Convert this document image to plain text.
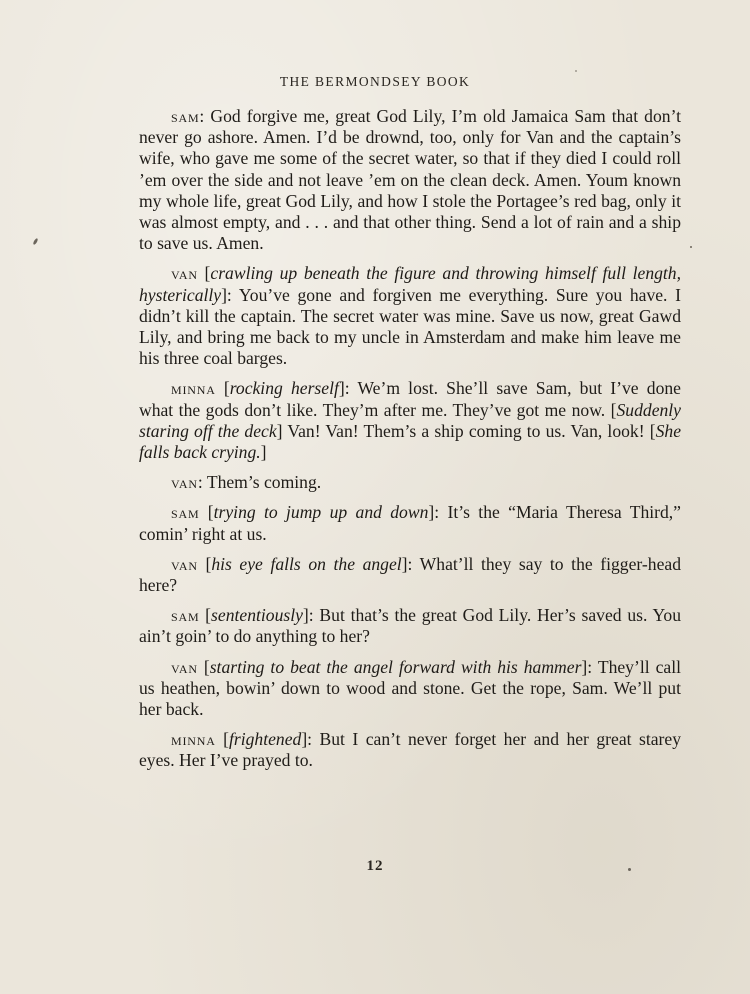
THE BERMONDSEY BOOK

sam: God forgive me, great God Lily, I’m old Jamaica Sam that don’t never go ashore. Amen. I’d be drownd, too, only for Van and the captain’s wife, who gave me some of the secret water, so that if they died I could roll ’em over the side and not leave ’em on the clean deck. Amen. Youm known my whole life, great God Lily, and how I stole the Portagee’s red bag, only it was almost empty, and . . . and that other thing. Send a lot of rain and a ship to save us. Amen.

van [crawling up beneath the figure and throwing himself full length, hysterically]: You’ve gone and forgiven me everything. Sure you have. I didn’t kill the captain. The secret water was mine. Save us now, great Gawd Lily, and bring me back to my uncle in Amsterdam and make him leave me his three coal barges.

minna [rocking herself]: We’m lost. She’ll save Sam, but I’ve done what the gods don’t like. They’m after me. They’ve got me now. [Suddenly staring off the deck] Van! Van! Them’s a ship coming to us. Van, look! [She falls back crying.]

van: Them’s coming.

sam [trying to jump up and down]: It’s the “Maria Theresa Third,” comin’ right at us.

van [his eye falls on the angel]: What’ll they say to the figger-head here?

sam [sententiously]: But that’s the great God Lily. Her’s saved us. You ain’t goin’ to do anything to her?

van [starting to beat the angel forward with his hammer]: They’ll call us heathen, bowin’ down to wood and stone. Get the rope, Sam. We’ll put her back.

minna [frightened]: But I can’t never forget her and her great starey eyes. Her I’ve prayed to.

12
